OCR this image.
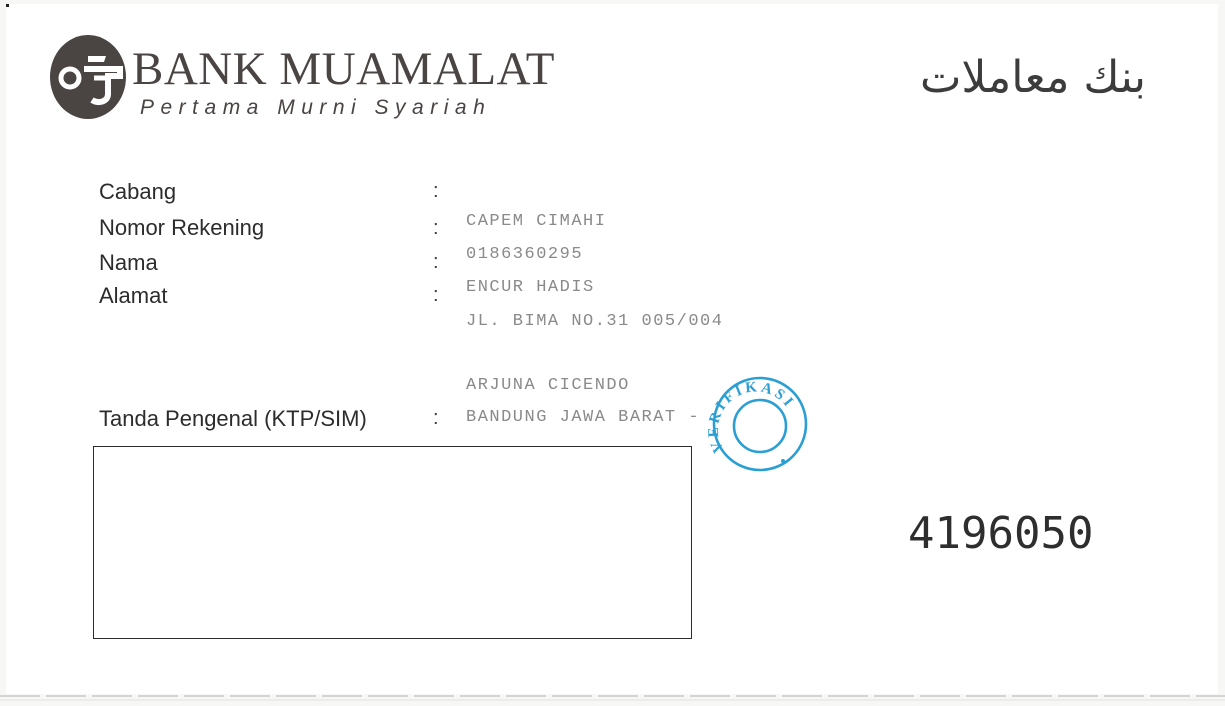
BANK MUAMALAT
Pertama Murni Syariah
بنك معاملات
Cabang
Nomor Rekening
Nama
Alamat
Tanda Pengenal (KTP/SIM)
:
:
:
:
:
CAPEM CIMAHI
0186360295
ENCUR HADIS
JL. BIMA NO.31 005/004
ARJUNA CICENDO
BANDUNG JAWA BARAT -
VERIFIKASI
4196050
